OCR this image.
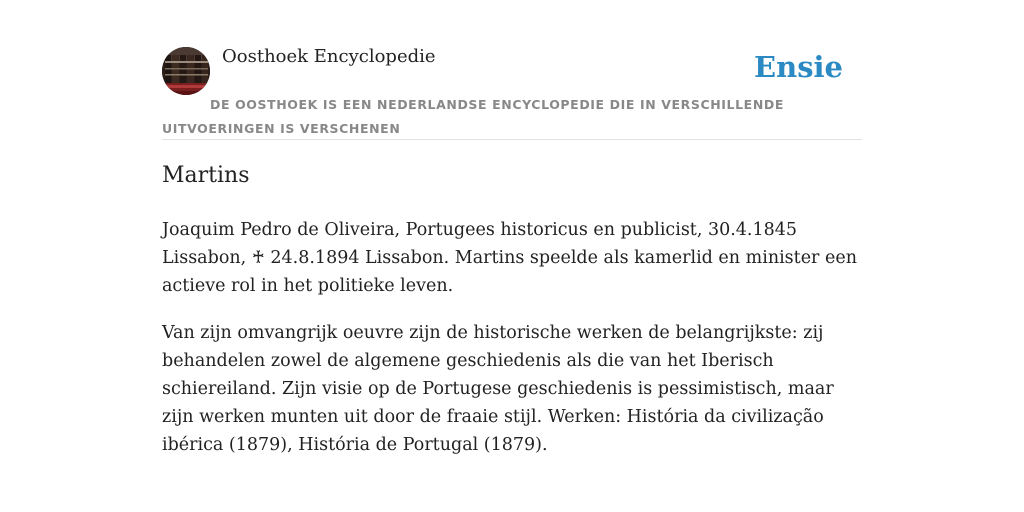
Oosthoek Encyclopedie	Ensie

DE OOSTHOEK IS EEN NEDERLANDSE ENCYCLOPEDIE DIE IN VERSCHILLENDE UITVOERINGEN IS VERSCHENEN

Martins

Joaquim Pedro de Oliveira, Portugees historicus en publicist, 30.4.1845 Lissabon, ♰ 24.8.1894 Lissabon. Martins speelde als kamerlid en minister een actieve rol in het politieke leven.

Van zijn omvangrijk oeuvre zijn de historische werken de belangrijkste: zij behandelen zowel de algemene geschiedenis als die van het Iberisch schiereiland. Zijn visie op de Portugese geschiedenis is pessimistisch, maar zijn werken munten uit door de fraaie stijl. Werken: História da civilização ibérica (1879), História de Portugal (1879).
